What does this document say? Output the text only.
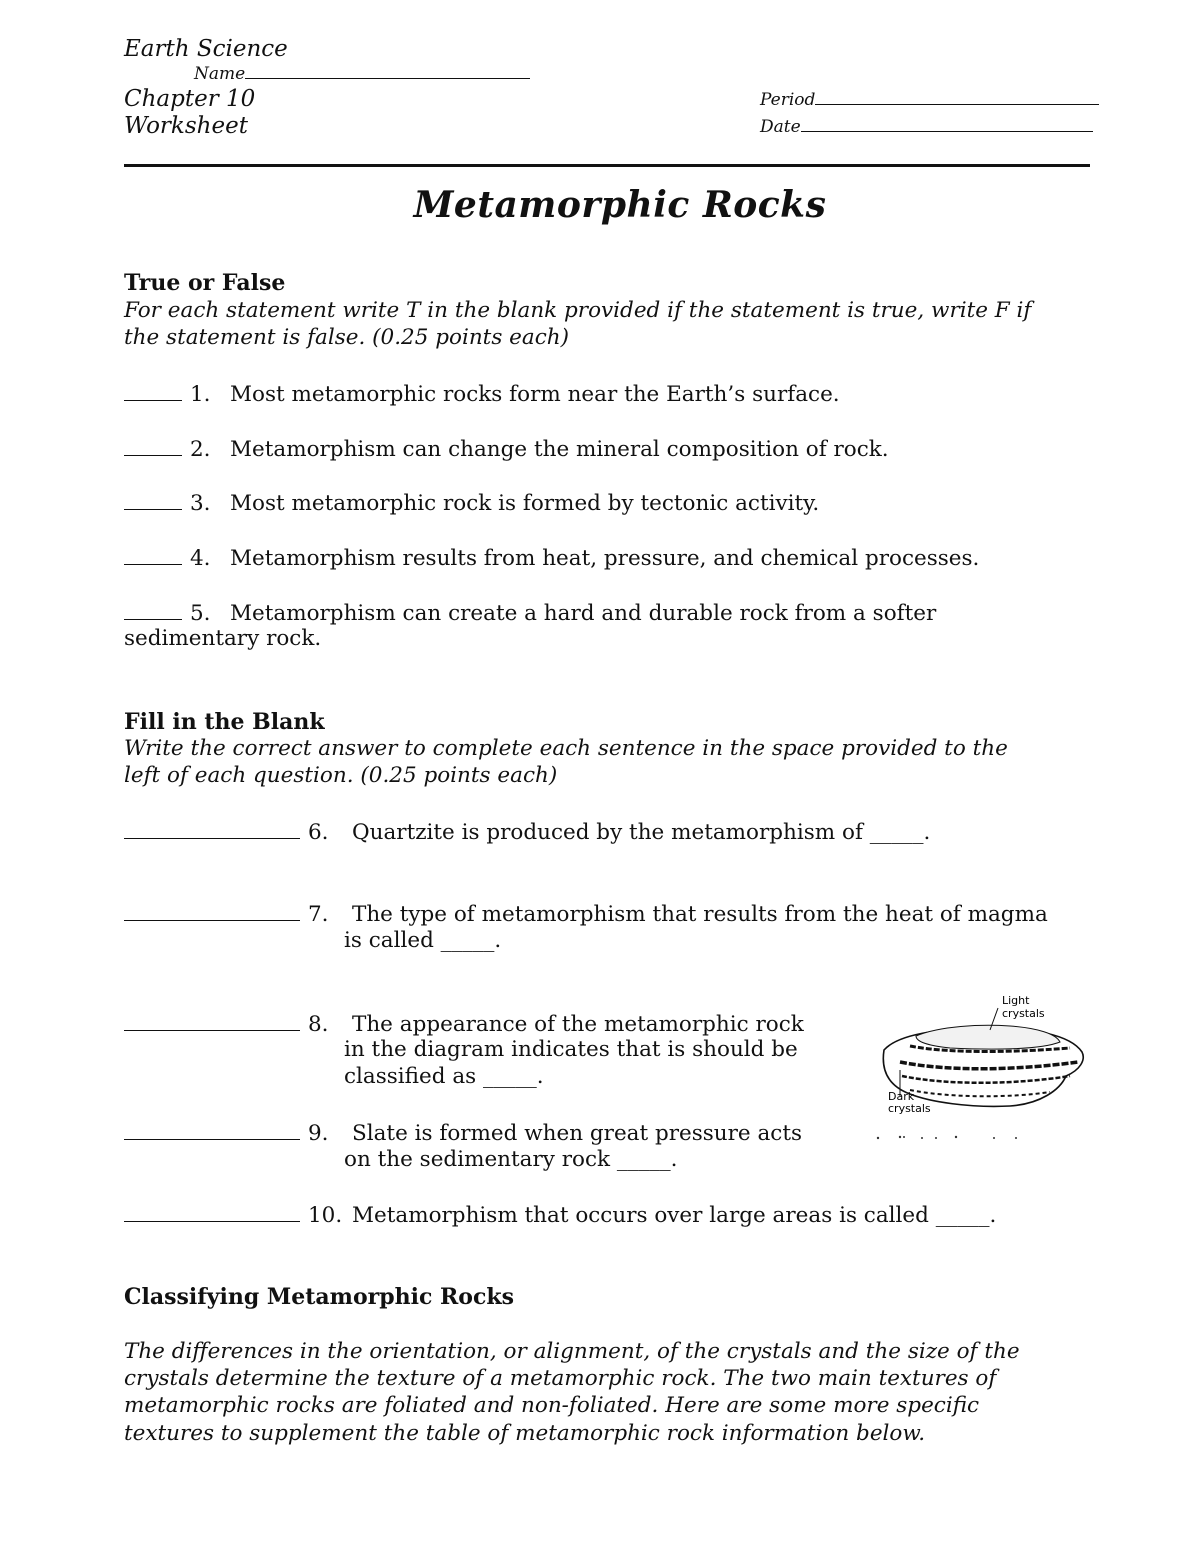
Earth Science
Name
Chapter 10
Worksheet
Period
Date
Metamorphic Rocks
True or False
For each statement write T in the blank provided if the statement is true, write F if
the statement is false. (0.25 points each)
1. Most metamorphic rocks form near the Earth’s surface.
2. Metamorphism can change the mineral composition of rock.
3. Most metamorphic rock is formed by tectonic activity.
4. Metamorphism results from heat, pressure, and chemical processes.
5. Metamorphism can create a hard and durable rock from a softer
sedimentary rock.
Fill in the Blank
Write the correct answer to complete each sentence in the space provided to the
left of each question. (0.25 points each)
6. Quartzite is produced by the metamorphism of _____.
7. The type of metamorphism that results from the heat of magma
is called _____.
8. The appearance of the metamorphic rock
in the diagram indicates that is should be
classified as _____.
9. Slate is formed when great pressure acts
on the sedimentary rock _____.
10. Metamorphism that occurs over large areas is called _____.
Light
crystals
Dark
crystals
Classifying Metamorphic Rocks
The differences in the orientation, or alignment, of the crystals and the size of the
crystals determine the texture of a metamorphic rock. The two main textures of
metamorphic rocks are foliated and non-foliated. Here are some more specific
textures to supplement the table of metamorphic rock information below.
